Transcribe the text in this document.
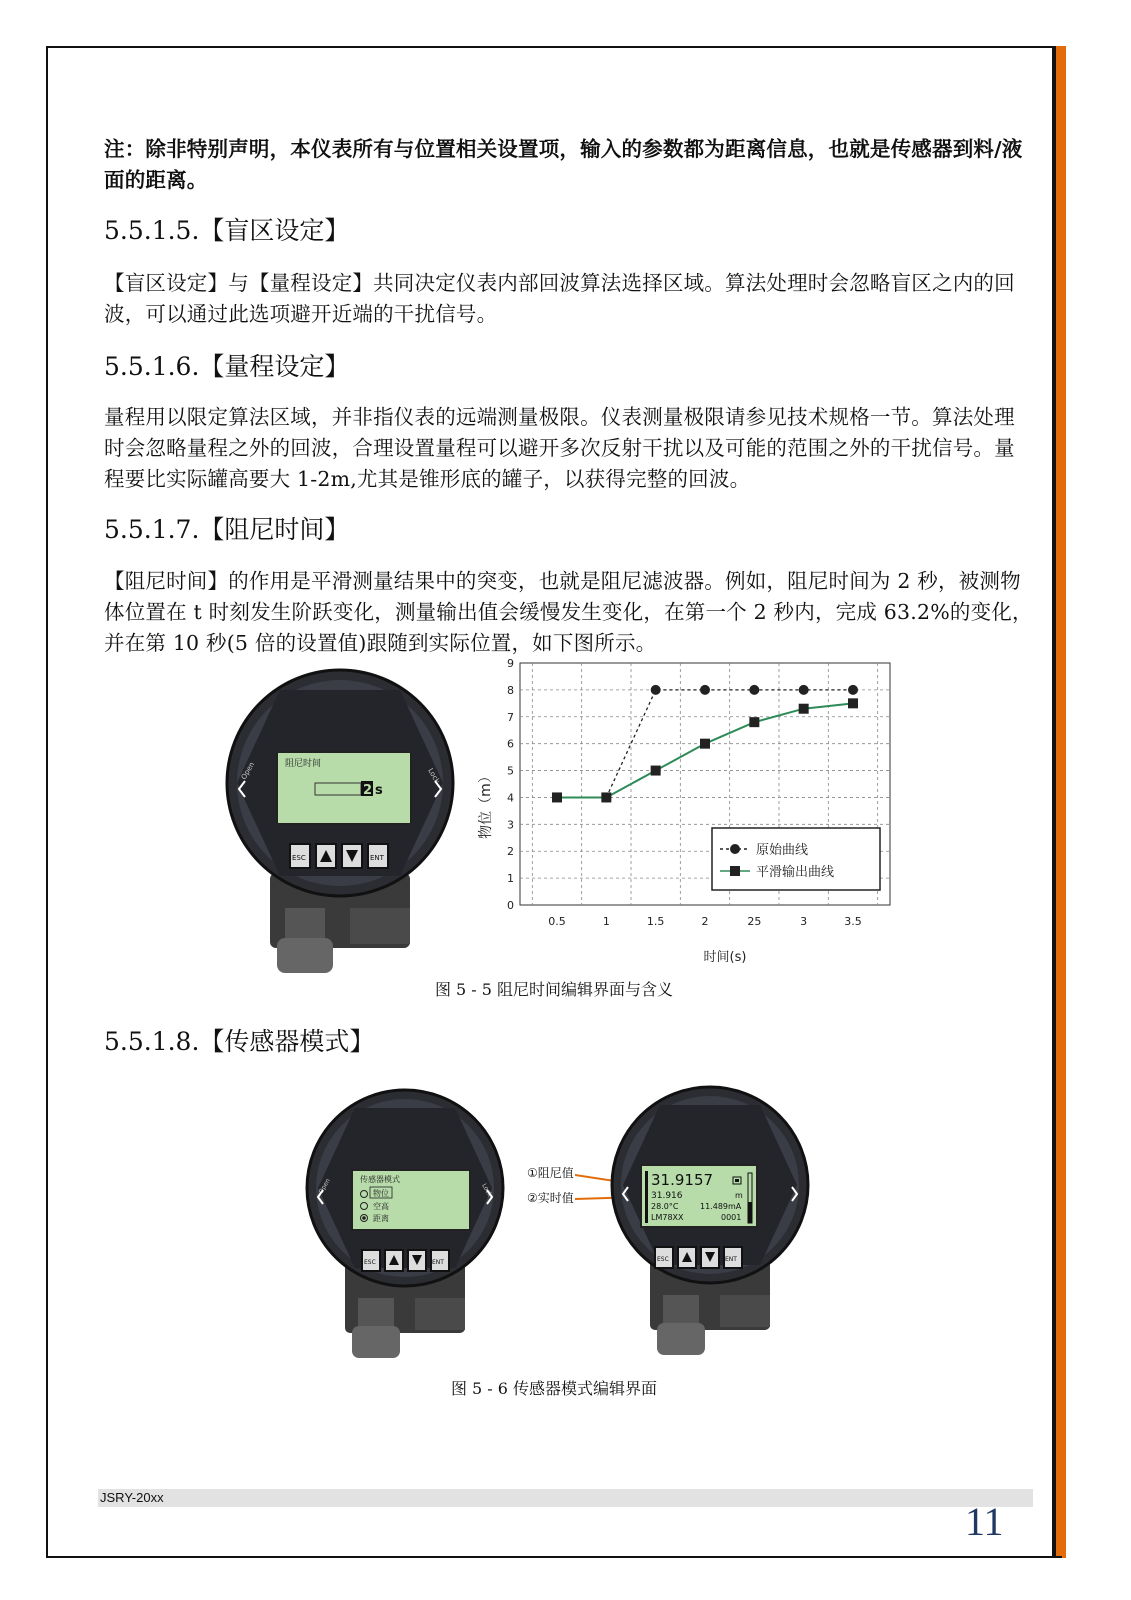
注：除非特别声明，本仪表所有与位置相关设置项，输入的参数都为距离信息，也就是传感器到料/液面的距离。
5.5.1.5.【盲区设定】
【盲区设定】与【量程设定】共同决定仪表内部回波算法选择区域。算法处理时会忽略盲区之内的回波，可以通过此选项避开近端的干扰信号。
5.5.1.6.【量程设定】
量程用以限定算法区域，并非指仪表的远端测量极限。仪表测量极限请参见技术规格一节。算法处理时会忽略量程之外的回波，合理设置量程可以避开多次反射干扰以及可能的范围之外的干扰信号。量程要比实际罐高要大 1-2m,尤其是锥形底的罐子，以获得完整的回波。
5.5.1.7.【阻尼时间】
【阻尼时间】的作用是平滑测量结果中的突变，也就是阻尼滤波器。例如，阻尼时间为 2 秒，被测物体位置在 t 时刻发生阶跃变化，测量输出值会缓慢发生变化，在第一个 2 秒内，完成 63.2%的变化，并在第 10 秒(5 倍的设置值)跟随到实际位置，如下图所示。
阻尼时间
2 s
Open	Lock
ESC	ENT
0
1
2
3
4
5
6
7
8
9
0.5	1	1.5	2	25	3	3.5
时间(s)
物位（m）
原始曲线
平滑输出曲线
图 5 - 5 阻尼时间编辑界面与含义
5.5.1.8.【传感器模式】
传感器模式
物位
空高
距离
Open	Lock
ESC	ENT
①阻尼值
②实时值
31.9157
31.916	m
28.0°C	11.489mA
LM78XX	0001
ESC	ENT
图 5 - 6 传感器模式编辑界面
JSRY-20xx
11
